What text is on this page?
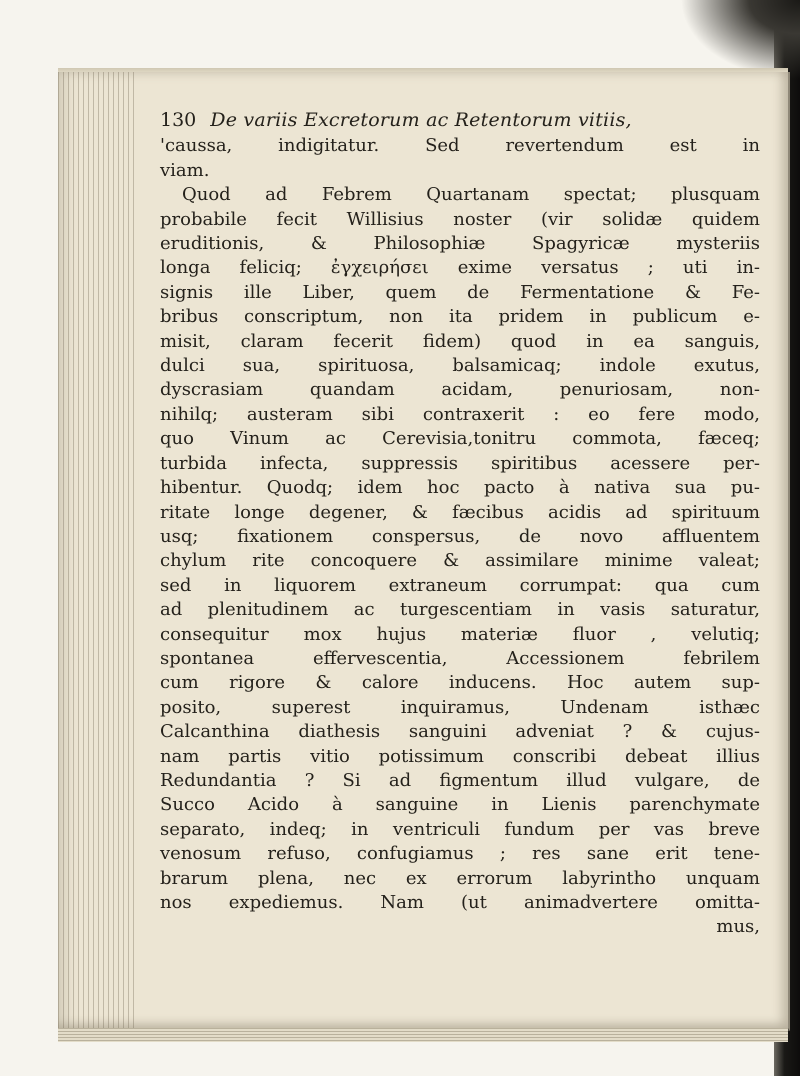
130 De variis Excretorum ac Retentorum vitiis,
'caussa, indigitatur. Sed revertendum est in
viam.
Quod ad Febrem Quartanam spectat; plusquam
probabile fecit Willisius noster (vir solidæ quidem
eruditionis, & Philosophiæ Spagyricæ mysteriis
longa feliciq; ἐγχειρήσει exime versatus ; uti in-
signis ille Liber, quem de Fermentatione & Fe-
bribus conscriptum, non ita pridem in publicum e-
misit, claram fecerit fidem) quod in ea sanguis,
dulci sua, spirituosa, balsamicaq; indole exutus,
dyscrasiam quandam acidam, penuriosam, non-
nihilq; austeram sibi contraxerit : eo fere modo,
quo Vinum ac Cerevisia,tonitru commota, fæceq;
turbida infecta, suppressis spiritibus acessere per-
hibentur. Quodq; idem hoc pacto à nativa sua pu-
ritate longe degener, & fæcibus acidis ad spirituum
usq; fixationem conspersus, de novo affluentem
chylum rite concoquere & assimilare minime valeat;
sed in liquorem extraneum corrumpat: qua cum
ad plenitudinem ac turgescentiam in vasis saturatur,
consequitur mox hujus materiæ fluor , velutiq;
spontanea effervescentia, Accessionem febrilem
cum rigore & calore inducens. Hoc autem sup-
posito, superest inquiramus, Undenam isthæc
Calcanthina diathesis sanguini adveniat ? & cujus-
nam partis vitio potissimum conscribi debeat illius
Redundantia ? Si ad figmentum illud vulgare, de
Succo Acido à sanguine in Lienis parenchymate
separato, indeq; in ventriculi fundum per vas breve
venosum refuso, confugiamus ; res sane erit tene-
brarum plena, nec ex errorum labyrintho unquam
nos expediemus. Nam (ut animadvertere omitta-
mus,
